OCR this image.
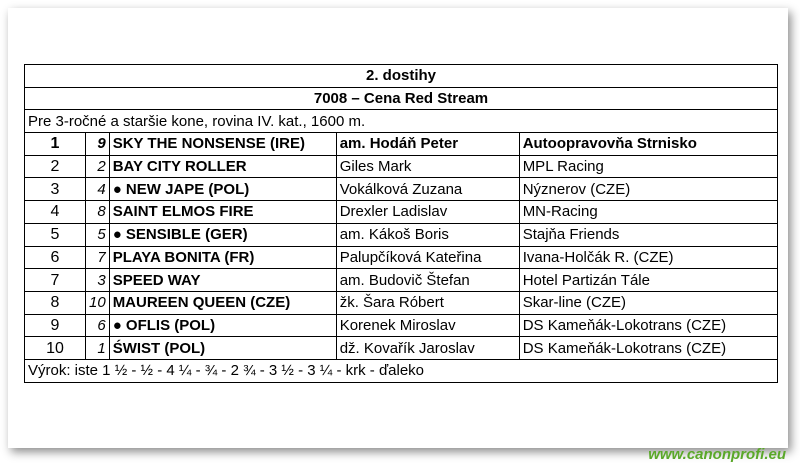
2. dostihy				
7008 – Cena Red Stream				
Pre 3-ročné a staršie kone, rovina IV. kat., 1600 m.				
1	9	SKY THE NONSENSE (IRE)	am. Hodáň Peter	Autoopravovňa Strnisko
2	2	BAY CITY ROLLER	Giles Mark	MPL Racing
3	4	● NEW JAPE (POL)	Vokálková Zuzana	Nýznerov (CZE)
4	8	SAINT ELMOS FIRE	Drexler Ladislav	MN-Racing
5	5	● SENSIBLE (GER)	am. Kákoš Boris	Stajňa Friends
6	7	PLAYA BONITA (FR)	Palupčíková Kateřina	Ivana-Holčák R. (CZE)
7	3	SPEED WAY	am. Budovič Štefan	Hotel Partizán Tále
8	10	MAUREEN QUEEN (CZE)	žk. Šara Róbert	Skar-line (CZE)
9	6	● OFLIS (POL)	Korenek Miroslav	DS Kameňák-Lokotrans (CZE)
10	1	ŚWIST (POL)	dž. Kovařík Jaroslav	DS Kameňák-Lokotrans (CZE)
Výrok: iste 1 ½ - ½ - 4 ¼ - ¾ - 2 ¾ - 3 ½ - 3 ¼ - krk - ďaleko				
www.canonprofi.eu
